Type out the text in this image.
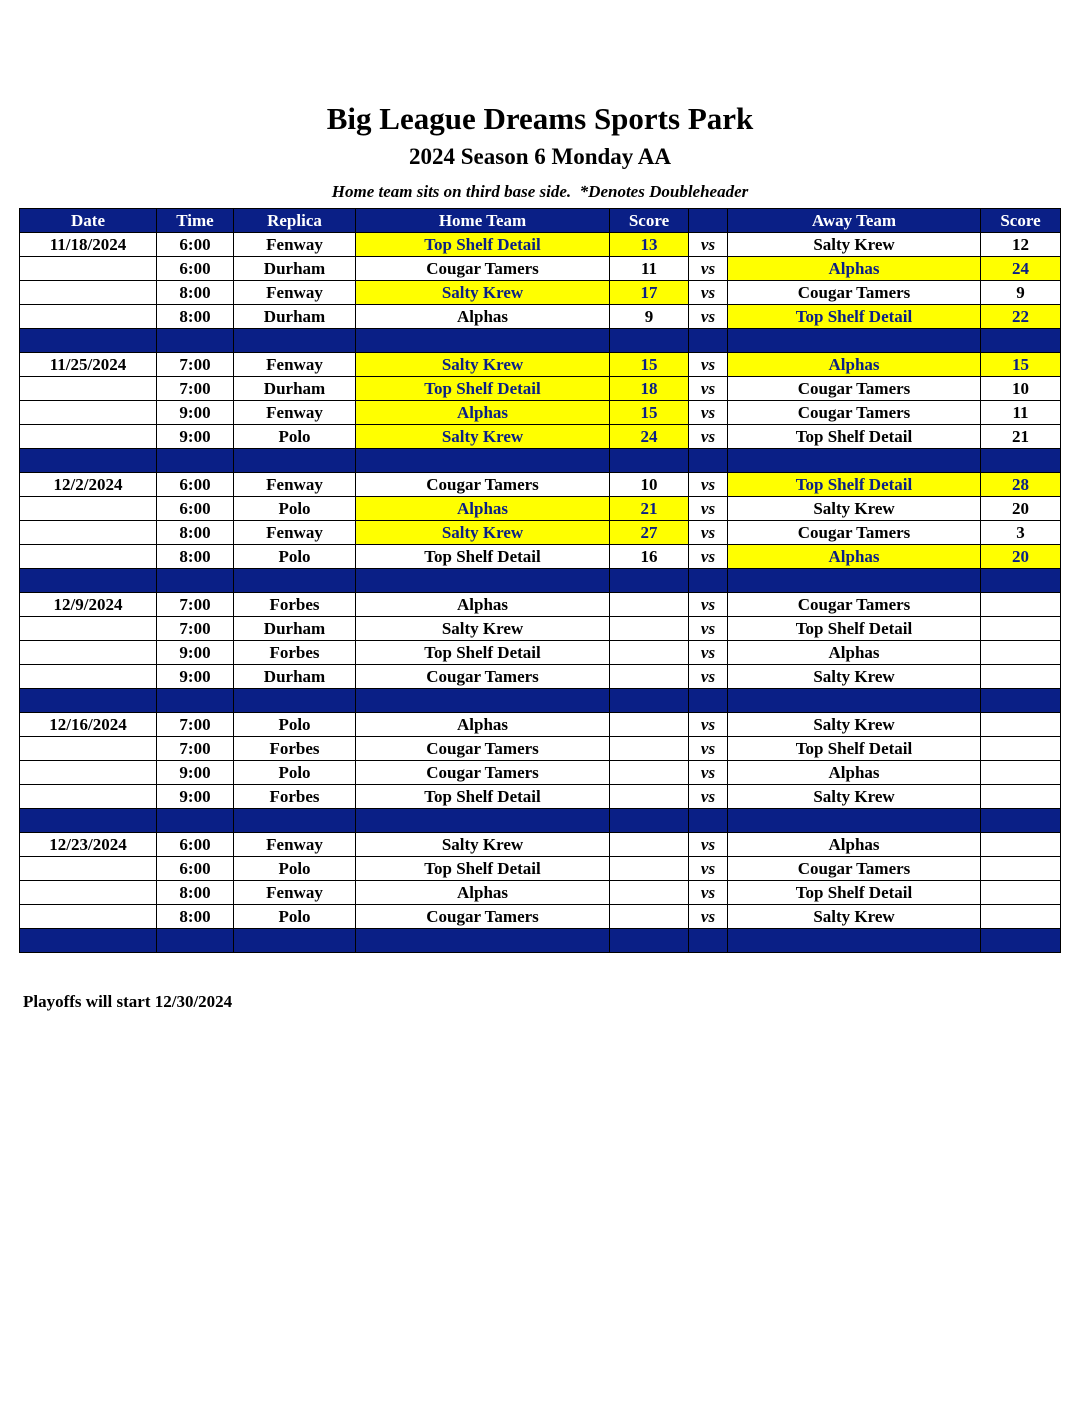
Big League Dreams Sports Park
2024 Season 6 Monday AA
Home team sits on third base side.  *Denotes Doubleheader
Date	Time	Replica	Home Team	Score		Away Team	Score
11/18/2024	6:00	Fenway	Top Shelf Detail	13	vs	Salty Krew	12
	6:00	Durham	Cougar Tamers	11	vs	Alphas	24
	8:00	Fenway	Salty Krew	17	vs	Cougar Tamers	9
	8:00	Durham	Alphas	9	vs	Top Shelf Detail	22

11/25/2024	7:00	Fenway	Salty Krew	15	vs	Alphas	15
	7:00	Durham	Top Shelf Detail	18	vs	Cougar Tamers	10
	9:00	Fenway	Alphas	15	vs	Cougar Tamers	11
	9:00	Polo	Salty Krew	24	vs	Top Shelf Detail	21

12/2/2024	6:00	Fenway	Cougar Tamers	10	vs	Top Shelf Detail	28
	6:00	Polo	Alphas	21	vs	Salty Krew	20
	8:00	Fenway	Salty Krew	27	vs	Cougar Tamers	3
	8:00	Polo	Top Shelf Detail	16	vs	Alphas	20

12/9/2024	7:00	Forbes	Alphas		vs	Cougar Tamers	
	7:00	Durham	Salty Krew		vs	Top Shelf Detail	
	9:00	Forbes	Top Shelf Detail		vs	Alphas	
	9:00	Durham	Cougar Tamers		vs	Salty Krew	

12/16/2024	7:00	Polo	Alphas		vs	Salty Krew	
	7:00	Forbes	Cougar Tamers		vs	Top Shelf Detail	
	9:00	Polo	Cougar Tamers		vs	Alphas	
	9:00	Forbes	Top Shelf Detail		vs	Salty Krew	

12/23/2024	6:00	Fenway	Salty Krew		vs	Alphas	
	6:00	Polo	Top Shelf Detail		vs	Cougar Tamers	
	8:00	Fenway	Alphas		vs	Top Shelf Detail	
	8:00	Polo	Cougar Tamers		vs	Salty Krew	

Playoffs will start 12/30/2024
